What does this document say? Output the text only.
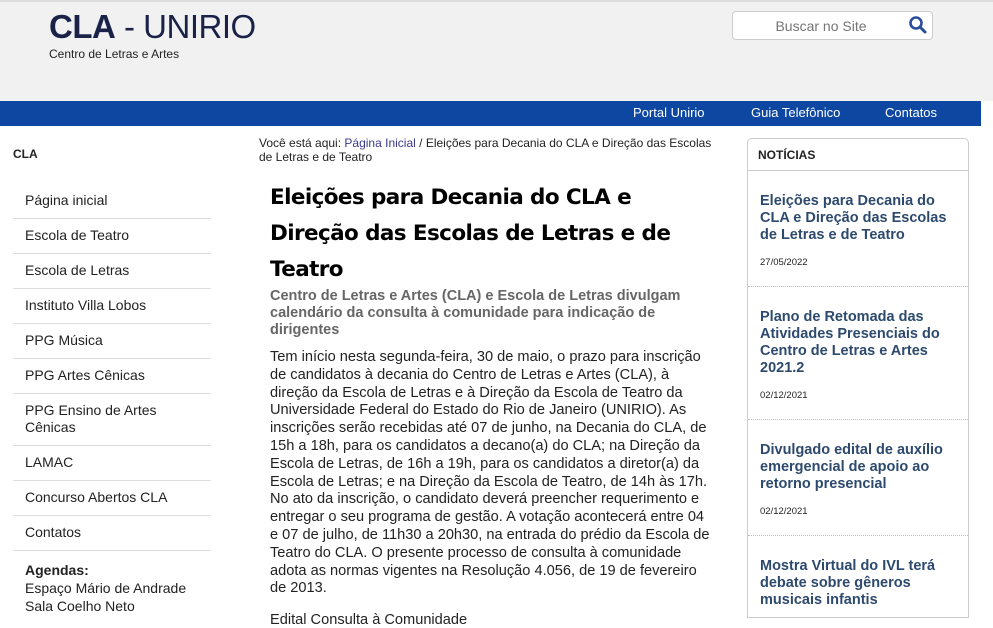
CLA - UNIRIO
Centro de Letras e Artes
Buscar no Site
Portal Unirio	Guia Telefônico	Contatos
CLA
Página inicial
Escola de Teatro
Escola de Letras
Instituto Villa Lobos
PPG Música
PPG Artes Cênicas
PPG Ensino de Artes Cênicas
LAMAC
Concurso Abertos CLA
Contatos
Agendas:
Espaço Mário de Andrade
Sala Coelho Neto
Você está aqui: Página Inicial / Eleições para Decania do CLA e Direção das Escolas de Letras e de Teatro
Eleições para Decania do CLA e Direção das Escolas de Letras e de Teatro
Centro de Letras e Artes (CLA) e Escola de Letras divulgam calendário da consulta à comunidade para indicação de dirigentes

Tem início nesta segunda-feira, 30 de maio, o prazo para inscrição de candidatos à decania do Centro de Letras e Artes (CLA), à direção da Escola de Letras e à Direção da Escola de Teatro da Universidade Federal do Estado do Rio de Janeiro (UNIRIO). As inscrições serão recebidas até 07 de junho, na Decania do CLA, de 15h a 18h, para os candidatos a decano(a) do CLA; na Direção da Escola de Letras, de 16h a 19h, para os candidatos a diretor(a) da Escola de Letras; e na Direção da Escola de Teatro, de 14h às 17h. No ato da inscrição, o candidato deverá preencher requerimento e entregar o seu programa de gestão. A votação acontecerá entre 04 e 07 de julho, de 11h30 a 20h30, na entrada do prédio da Escola de Teatro do CLA. O presente processo de consulta à comunidade adota as normas vigentes na Resolução 4.056, de 19 de fevereiro de 2013.

Edital Consulta à Comunidade

NOTÍCIAS
Eleições para Decania do CLA e Direção das Escolas de Letras e de Teatro
27/05/2022
Plano de Retomada das Atividades Presenciais do Centro de Letras e Artes 2021.2
02/12/2021
Divulgado edital de auxílio emergencial de apoio ao retorno presencial
02/12/2021
Mostra Virtual do IVL terá debate sobre gêneros musicais infantis
